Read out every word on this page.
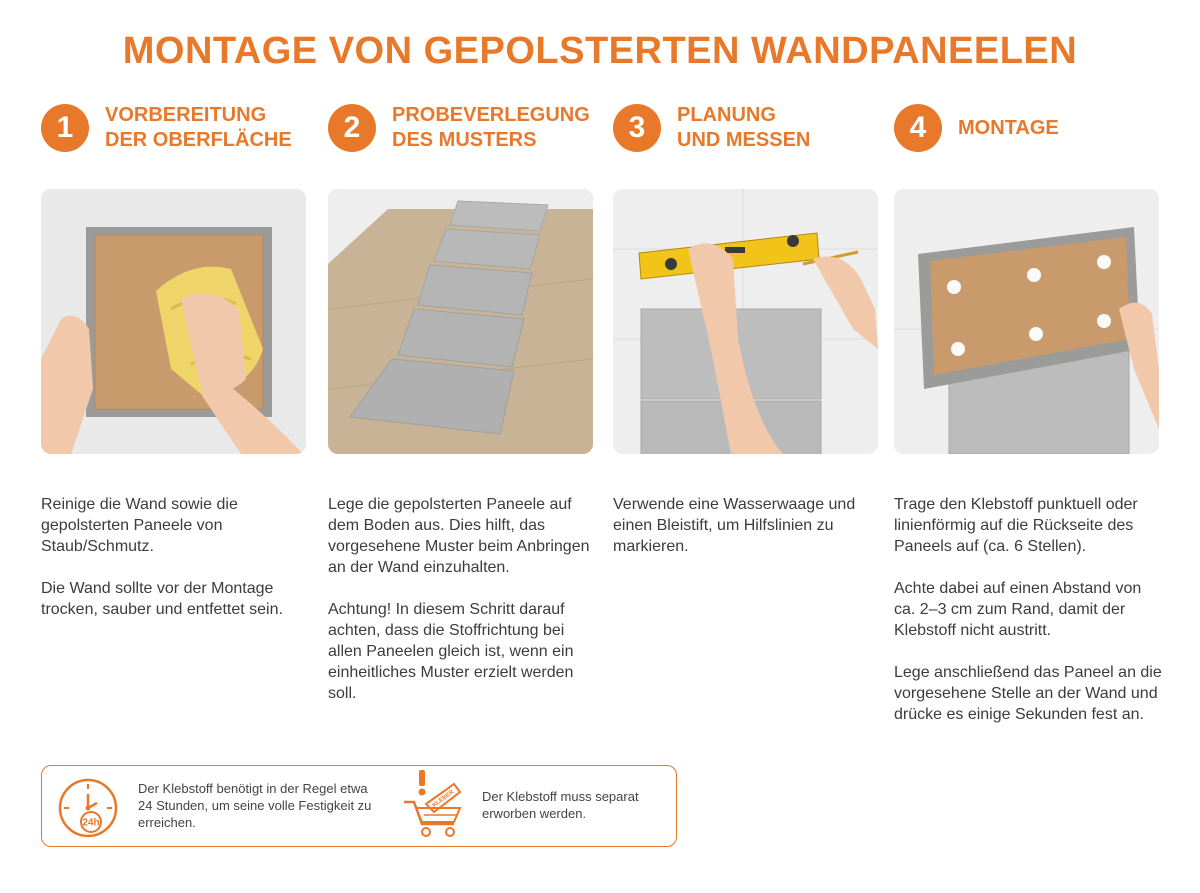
MONTAGE VON GEPOLSTERTEN WANDPANEELEN
1	VORBEREITUNG
DER OBERFLÄCHE	2	PROBEVERLEGUNG
DES MUSTERS	3	PLANUNG
UND MESSEN	4	MONTAGE

Reinige die Wand sowie die gepolsterten Paneele von Staub/Schmutz.

Die Wand sollte vor der Montage trocken, sauber und entfettet sein.

Lege die gepolsterten Paneele auf dem Boden aus. Dies hilft, das vorgesehene Muster beim Anbringen an der Wand einzuhalten.

Achtung! In diesem Schritt darauf achten, dass die Stoffrichtung bei allen Paneelen gleich ist, wenn ein einheitliches Muster erzielt werden soll.

Verwende eine Wasserwaage und einen Bleistift, um Hilfslinien zu markieren.

Trage den Klebstoff punktuell oder linienförmig auf die Rückseite des Paneels auf (ca. 6 Stellen).

Achte dabei auf einen Abstand von ca. 2–3 cm zum Rand, damit der Klebstoff nicht austritt.

Lege anschließend das Paneel an die vorgesehene Stelle an der Wand und drücke es einige Sekunden fest an.

24h
Der Klebstoff benötigt in der Regel etwa 24 Stunden, um seine volle Festigkeit zu erreichen.
KLEBER Der Klebstoff muss separat erworben werden.
